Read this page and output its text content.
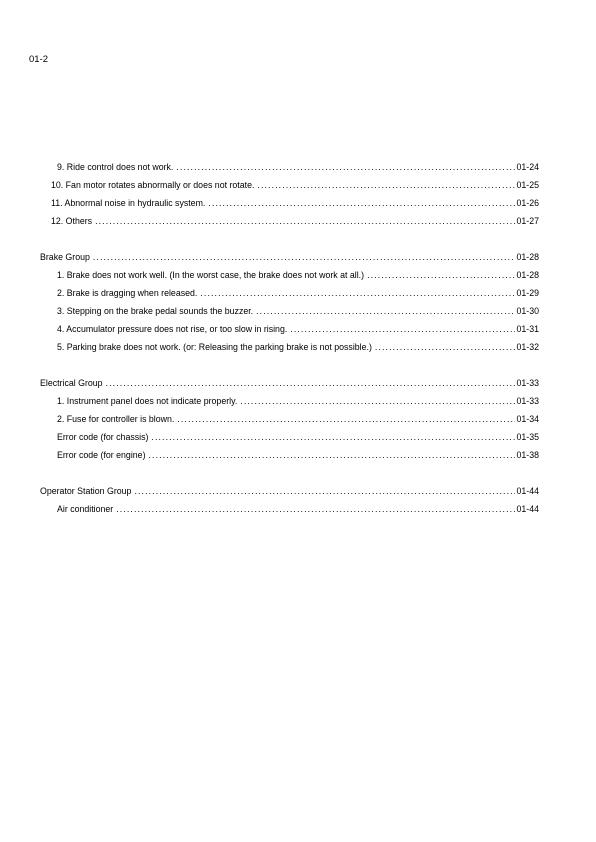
01-2
9. Ride control does not work. .....	01-24
10. Fan motor rotates abnormally or does not rotate. .....	01-25
11. Abnormal noise in hydraulic system. .....	01-26
12. Others .....	01-27
Brake Group .....	01-28
1. Brake does not work well. (In the worst case, the brake does not work at all.) .....	01-28
2. Brake is dragging when released. .....	01-29
3. Stepping on the brake pedal sounds the buzzer. .....	01-30
4. Accumulator pressure does not rise, or too slow in rising. .....	01-31
5. Parking brake does not work. (or: Releasing the parking brake is not possible.) .....	01-32
Electrical Group .....	01-33
1. Instrument panel does not indicate properly. .....	01-33
2. Fuse for controller is blown. .....	01-34
Error code (for chassis) .....	01-35
Error code (for engine) .....	01-38
Operator Station Group .....	01-44
Air conditioner .....	01-44
